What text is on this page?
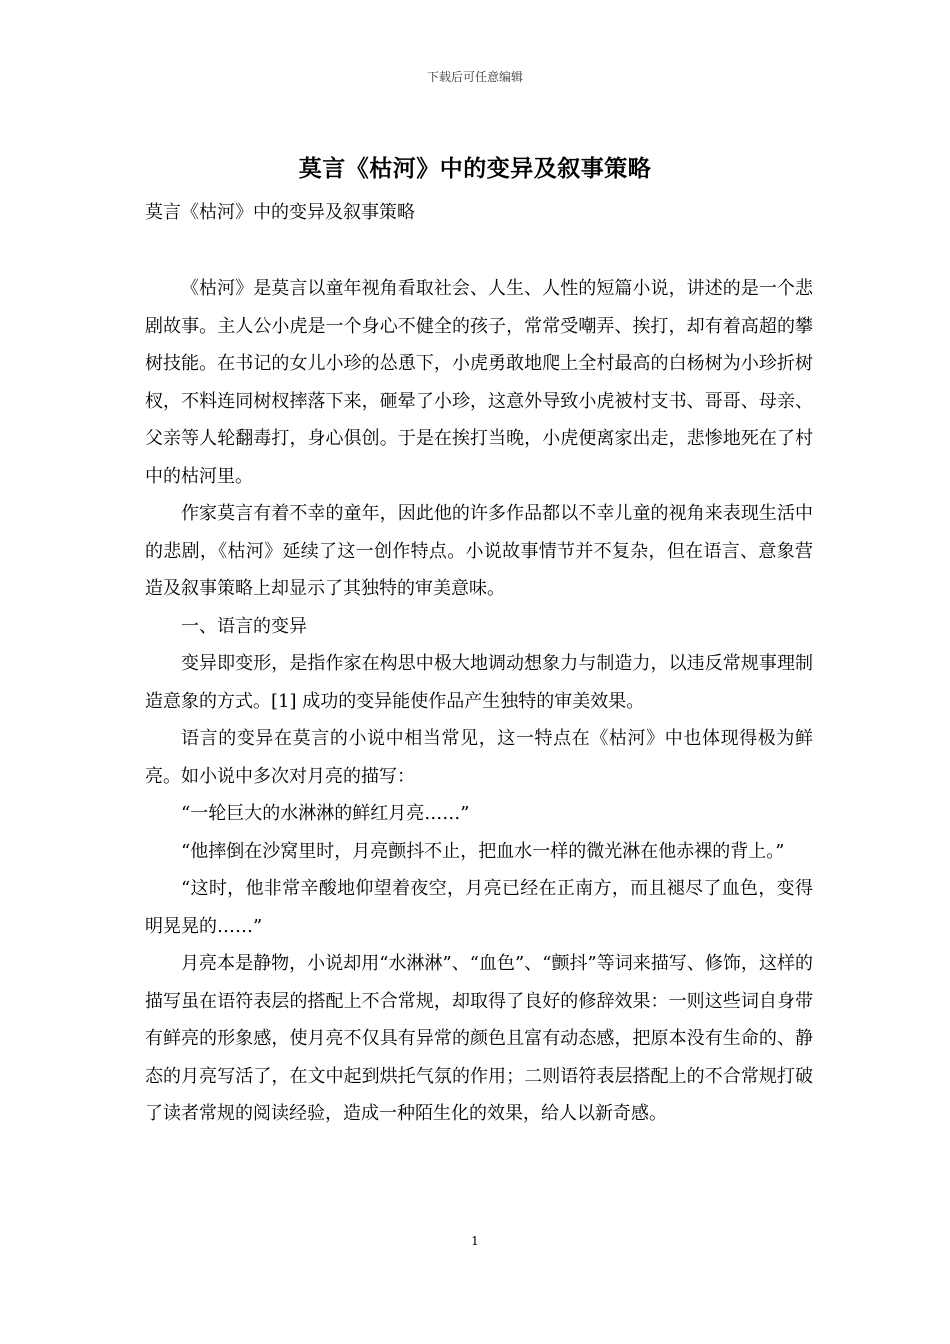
下载后可任意编辑
莫言《枯河》中的变异及叙事策略
莫言《枯河》中的变异及叙事策略

《枯河》是莫言以童年视角看取社会、人生、人性的短篇小说，讲述的是一个悲剧故事。主人公小虎是一个身心不健全的孩子，常常受嘲弄、挨打，却有着高超的攀树技能。在书记的女儿小珍的怂恿下，小虎勇敢地爬上全村最高的白杨树为小珍折树杈，不料连同树杈摔落下来，砸晕了小珍，这意外导致小虎被村支书、哥哥、母亲、父亲等人轮翻毒打，身心俱创。于是在挨打当晚，小虎便离家出走，悲惨地死在了村中的枯河里。

作家莫言有着不幸的童年，因此他的许多作品都以不幸儿童的视角来表现生活中的悲剧，《枯河》延续了这一创作特点。小说故事情节并不复杂，但在语言、意象营造及叙事策略上却显示了其独特的审美意味。

一、语言的变异

变异即变形，是指作家在构思中极大地调动想象力与制造力，以违反常规事理制造意象的方式。[1] 成功的变异能使作品产生独特的审美效果。

语言的变异在莫言的小说中相当常见，这一特点在《枯河》中也体现得极为鲜亮。如小说中多次对月亮的描写：

“一轮巨大的水淋淋的鲜红月亮……”

“他摔倒在沙窝里时，月亮颤抖不止，把血水一样的微光淋在他赤裸的背上。”

“这时，他非常辛酸地仰望着夜空，月亮已经在正南方，而且褪尽了血色，变得明晃晃的……”

月亮本是静物，小说却用“水淋淋”、“血色”、“颤抖”等词来描写、修饰，这样的描写虽在语符表层的搭配上不合常规，却取得了良好的修辞效果：一则这些词自身带有鲜亮的形象感，使月亮不仅具有异常的颜色且富有动态感，把原本没有生命的、静态的月亮写活了，在文中起到烘托气氛的作用；二则语符表层搭配上的不合常规打破了读者常规的阅读经验，造成一种陌生化的效果，给人以新奇感。

1
